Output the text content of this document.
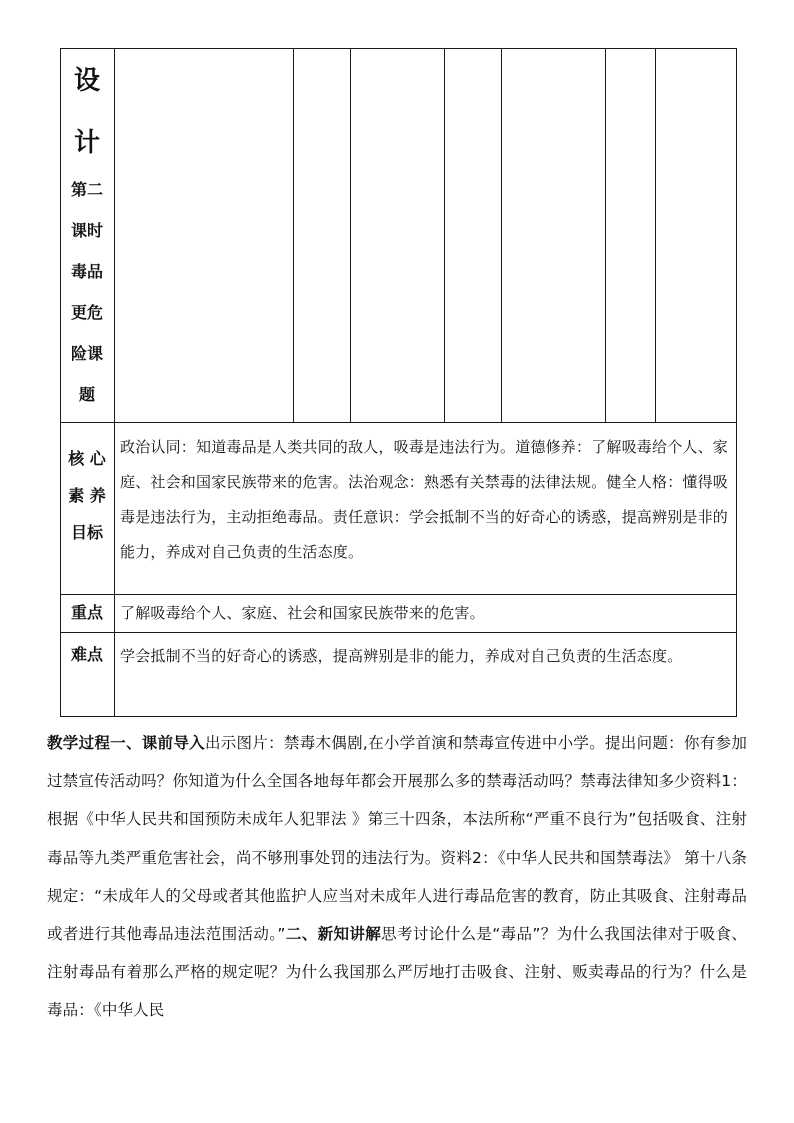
设
计
第二
课时
毒品
更危
险课
题
核 心
素 养
目标
政治认同：知道毒品是人类共同的敌人，吸毒是违法行为。道德修养：了解吸毒给个人、家庭、社会和国家民族带来的危害。法治观念：熟悉有关禁毒的法律法规。健全人格：懂得吸毒是违法行为，主动拒绝毒品。责任意识：学会抵制不当的好奇心的诱惑，提高辨别是非的能力，养成对自己负责的生活态度。
重点	了解吸毒给个人、家庭、社会和国家民族带来的危害。
难点	学会抵制不当的好奇心的诱惑，提高辨别是非的能力，养成对自己负责的生活态度。
教学过程一、课前导入出示图片：禁毒木偶剧,在小学首演和禁毒宣传进中小学。提出问题：你有参加过禁宣传活动吗？你知道为什么全国各地每年都会开展那么多的禁毒活动吗？禁毒法律知多少资料1：根据《中华人民共和国预防未成年人犯罪法 》第三十四条，本法所称“严重不良行为”包括吸食、注射毒品等九类严重危害社会，尚不够刑事处罚的违法行为。资料2：《中华人民共和国禁毒法》 第十八条规定：“未成年人的父母或者其他监护人应当对未成年人进行毒品危害的教育，防止其吸食、注射毒品或者进行其他毒品违法范围活动。”二、新知讲解思考讨论什么是“毒品”？为什么我国法律对于吸食、注射毒品有着那么严格的规定呢？为什么我国那么严厉地打击吸食、注射、贩卖毒品的行为？什么是毒品：《中华人民
